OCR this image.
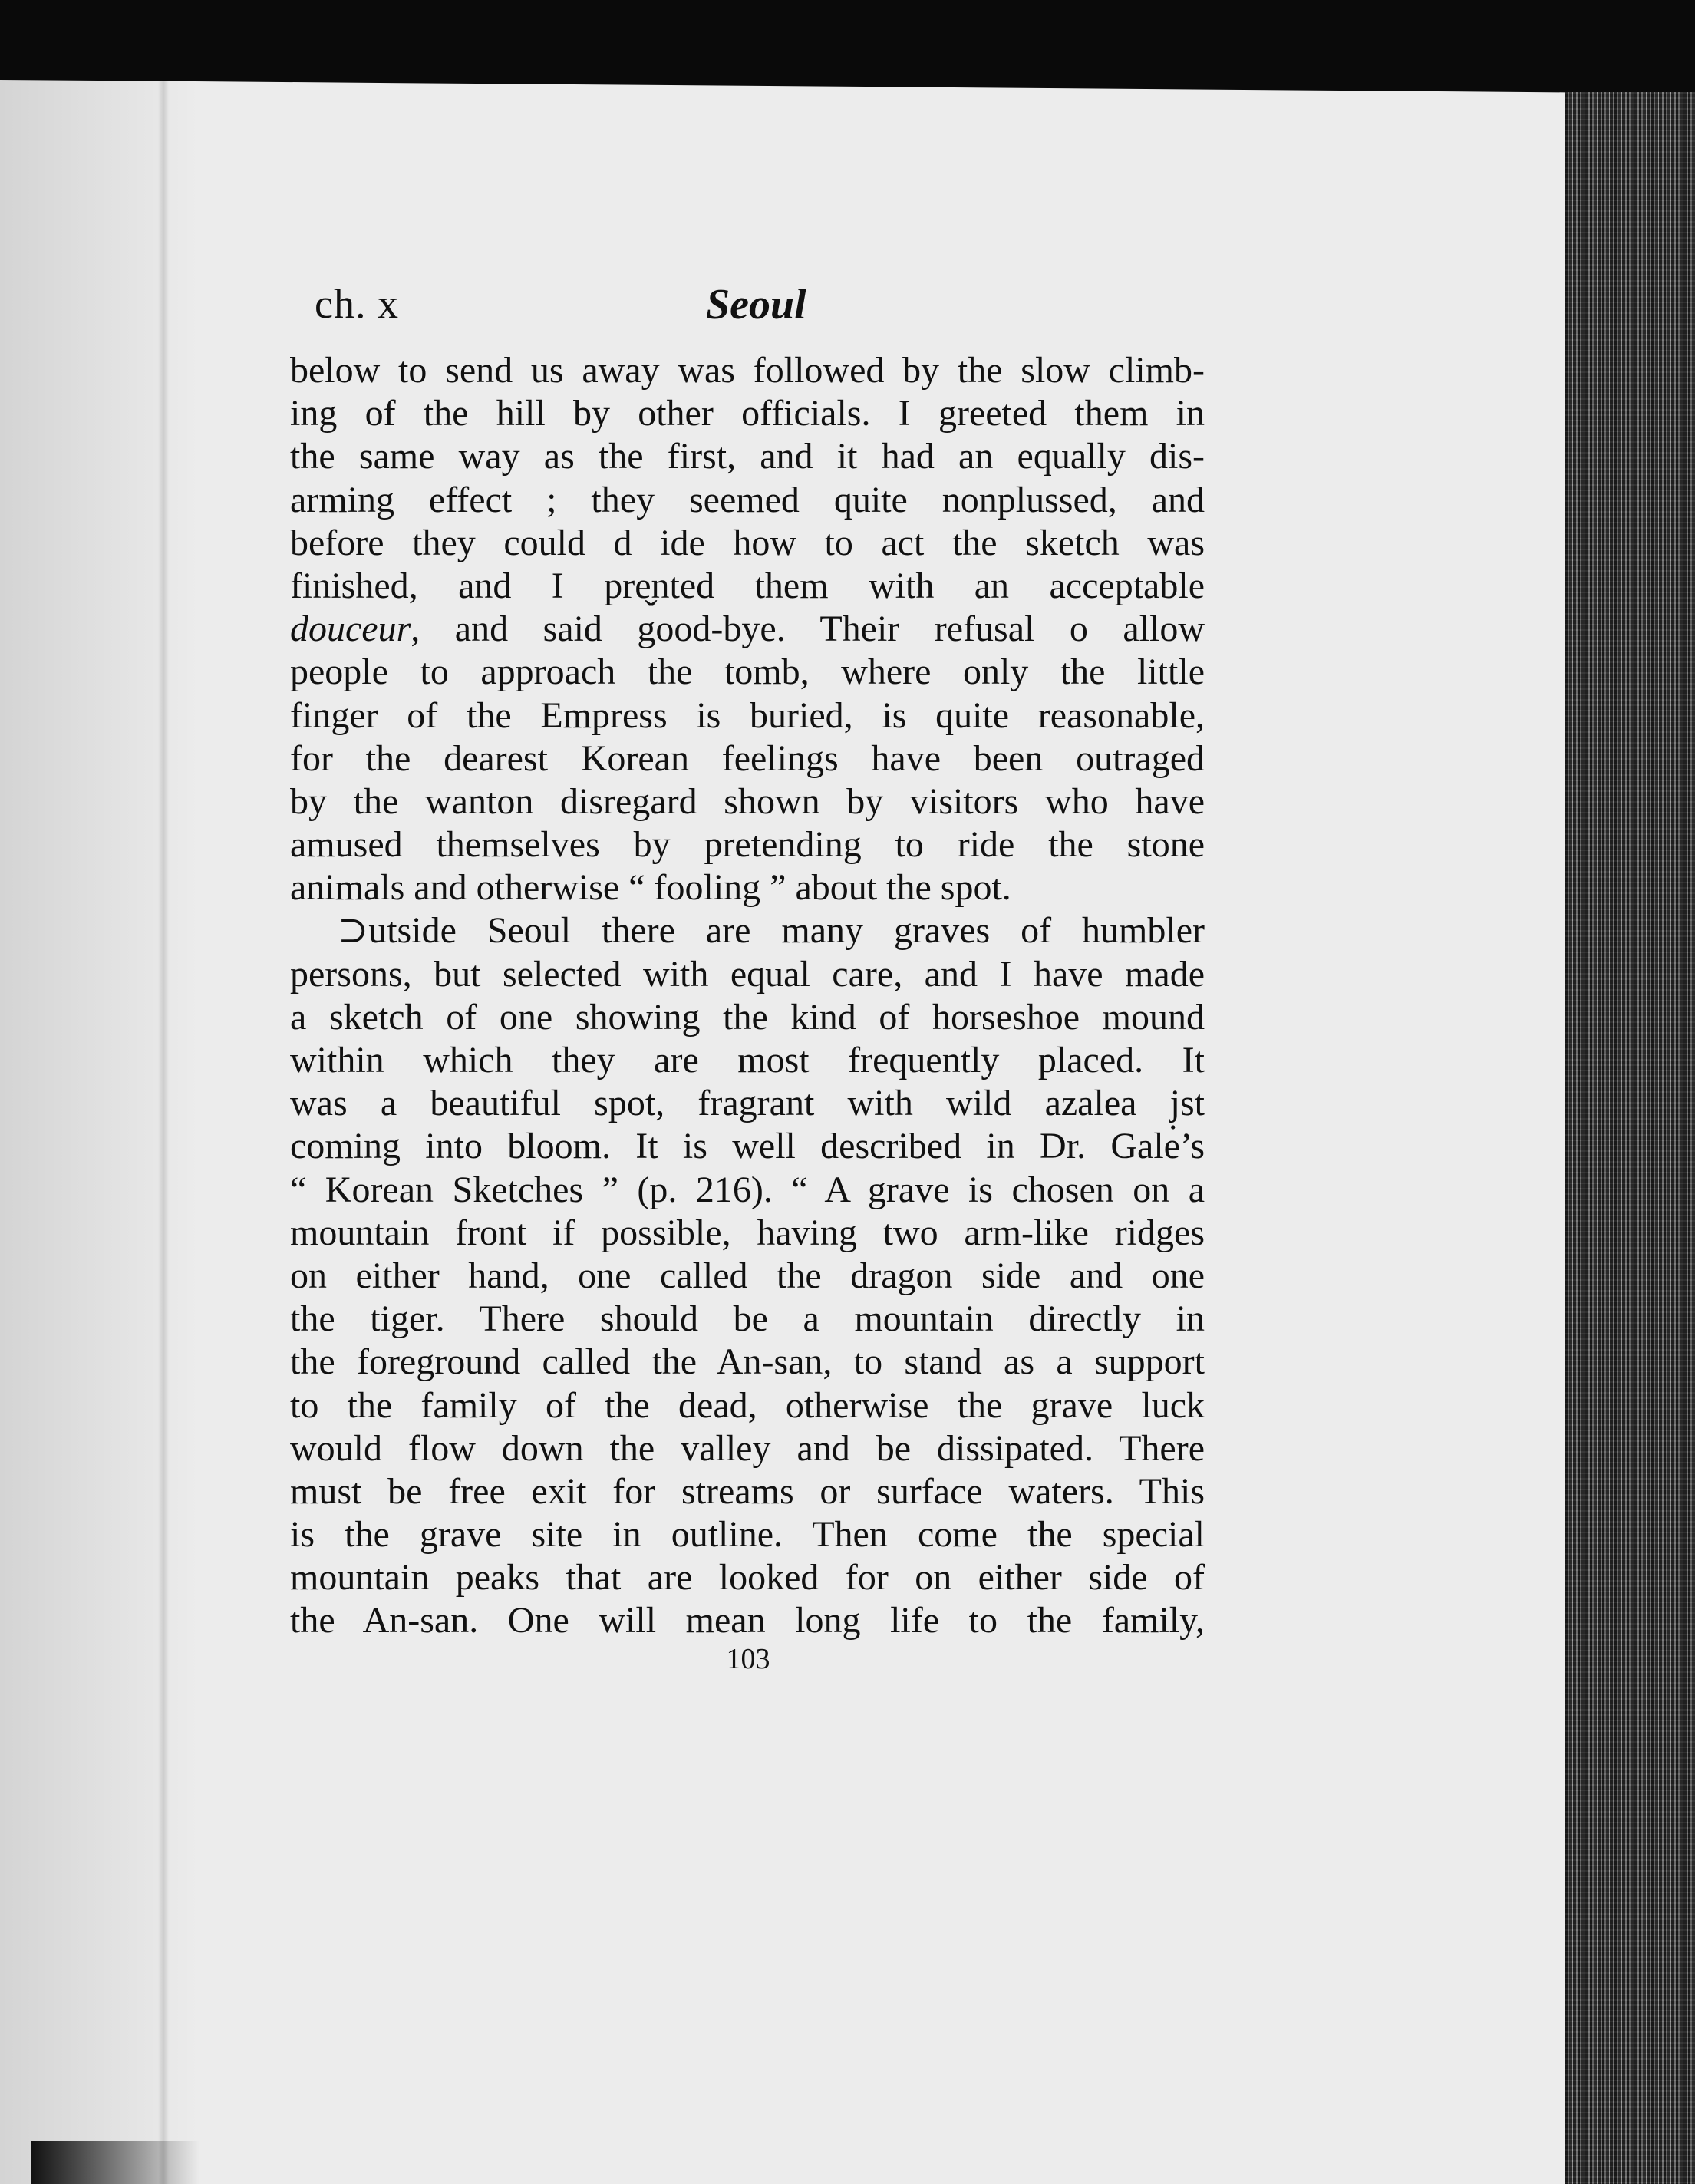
ch. x	Seoul
below to send us away was followed by the slow climb-
ing of the hill by other officials. I greeted them in
the same way as the first, and it had an equally dis-
arming effect ; they seemed quite nonplussed, and
before they could d ide how to act the sketch was
finished, and I pre̬̬nted them with an acceptable
douceur, and said good-bye. Their refusal o allow
people to approach the tomb, where only the little
finger of the Empress is buried, is quite reasonable,
for the dearest Korean feelings have been outraged
by the wanton disregard shown by visitors who have
amused themselves by pretending to ride the stone
animals and otherwise “ fooling ” about the spot.
⊃utside Seoul there are many graves of humbler
persons, but selected with equal care, and I have made
a sketch of one showing the kind of horseshoe mound
within which they are most frequently placed. It
was a beautiful spot, fragrant with wild azalea j̣̣st
coming into bloom. It is well described in Dr. Gale’s
“ Korean Sketches ” (p. 216). “ A grave is chosen on a
mountain front if possible, having two arm-like ridges
on either hand, one called the dragon side and one
the tiger. There should be a mountain directly in
the foreground called the An-san, to stand as a support
to the family of the dead, otherwise the grave luck
would flow down the valley and be dissipated. There
must be free exit for streams or surface waters. This
is the grave site in outline. Then come the special
mountain peaks that are looked for on either side of
the An-san. One will mean long life to the family,
103
